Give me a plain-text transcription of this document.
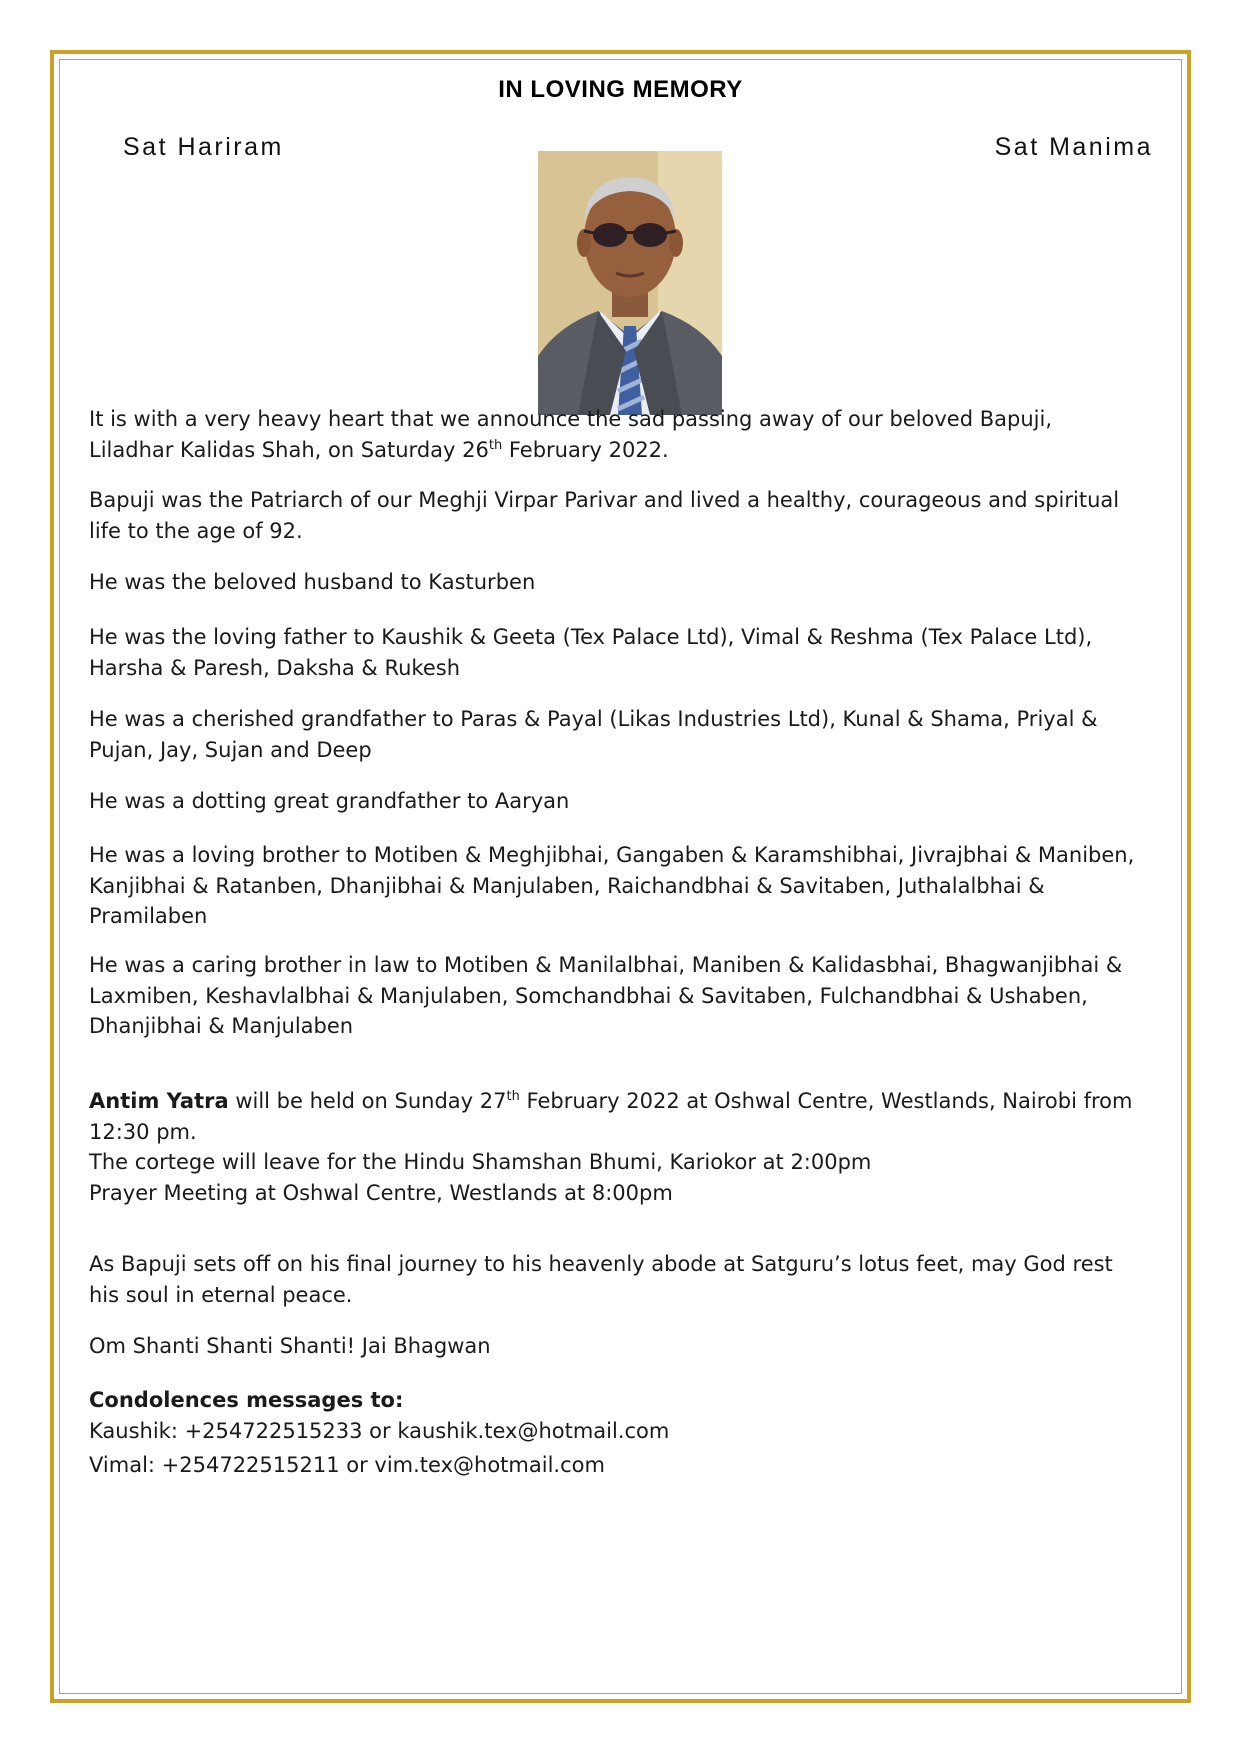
IN LOVING MEMORY
Sat Hariram	Sat Manima

It is with a very heavy heart that we announce the sad passing away of our beloved Bapuji,

Liladhar Kalidas Shah, on Saturday 26th February 2022.

Bapuji was the Patriarch of our Meghji Virpar Parivar and lived a healthy, courageous and spiritual

life to the age of 92.

He was the beloved husband to Kasturben

He was the loving father to Kaushik & Geeta (Tex Palace Ltd), Vimal & Reshma (Tex Palace Ltd),

Harsha & Paresh, Daksha & Rukesh

He was a cherished grandfather to Paras & Payal (Likas Industries Ltd), Kunal & Shama, Priyal &

Pujan, Jay, Sujan and Deep

He was a dotting great grandfather to Aaryan

He was a loving brother to Motiben & Meghjibhai, Gangaben & Karamshibhai, Jivrajbhai & Maniben,

Kanjibhai & Ratanben, Dhanjibhai & Manjulaben, Raichandbhai & Savitaben, Juthalalbhai &

Pramilaben

He was a caring brother in law to Motiben & Manilalbhai, Maniben & Kalidasbhai, Bhagwanjibhai &

Laxmiben, Keshavlalbhai & Manjulaben, Somchandbhai & Savitaben, Fulchandbhai & Ushaben,

Dhanjibhai & Manjulaben

Antim Yatra will be held on Sunday 27th February 2022 at Oshwal Centre, Westlands, Nairobi from

12:30 pm.

The cortege will leave for the Hindu Shamshan Bhumi, Kariokor at 2:00pm

Prayer Meeting at Oshwal Centre, Westlands at 8:00pm

As Bapuji sets off on his final journey to his heavenly abode at Satguru’s lotus feet, may God rest

his soul in eternal peace.

Om Shanti Shanti Shanti! Jai Bhagwan

Condolences messages to:

Kaushik: +254722515233 or kaushik.tex@hotmail.com

Vimal: +254722515211 or vim.tex@hotmail.com
